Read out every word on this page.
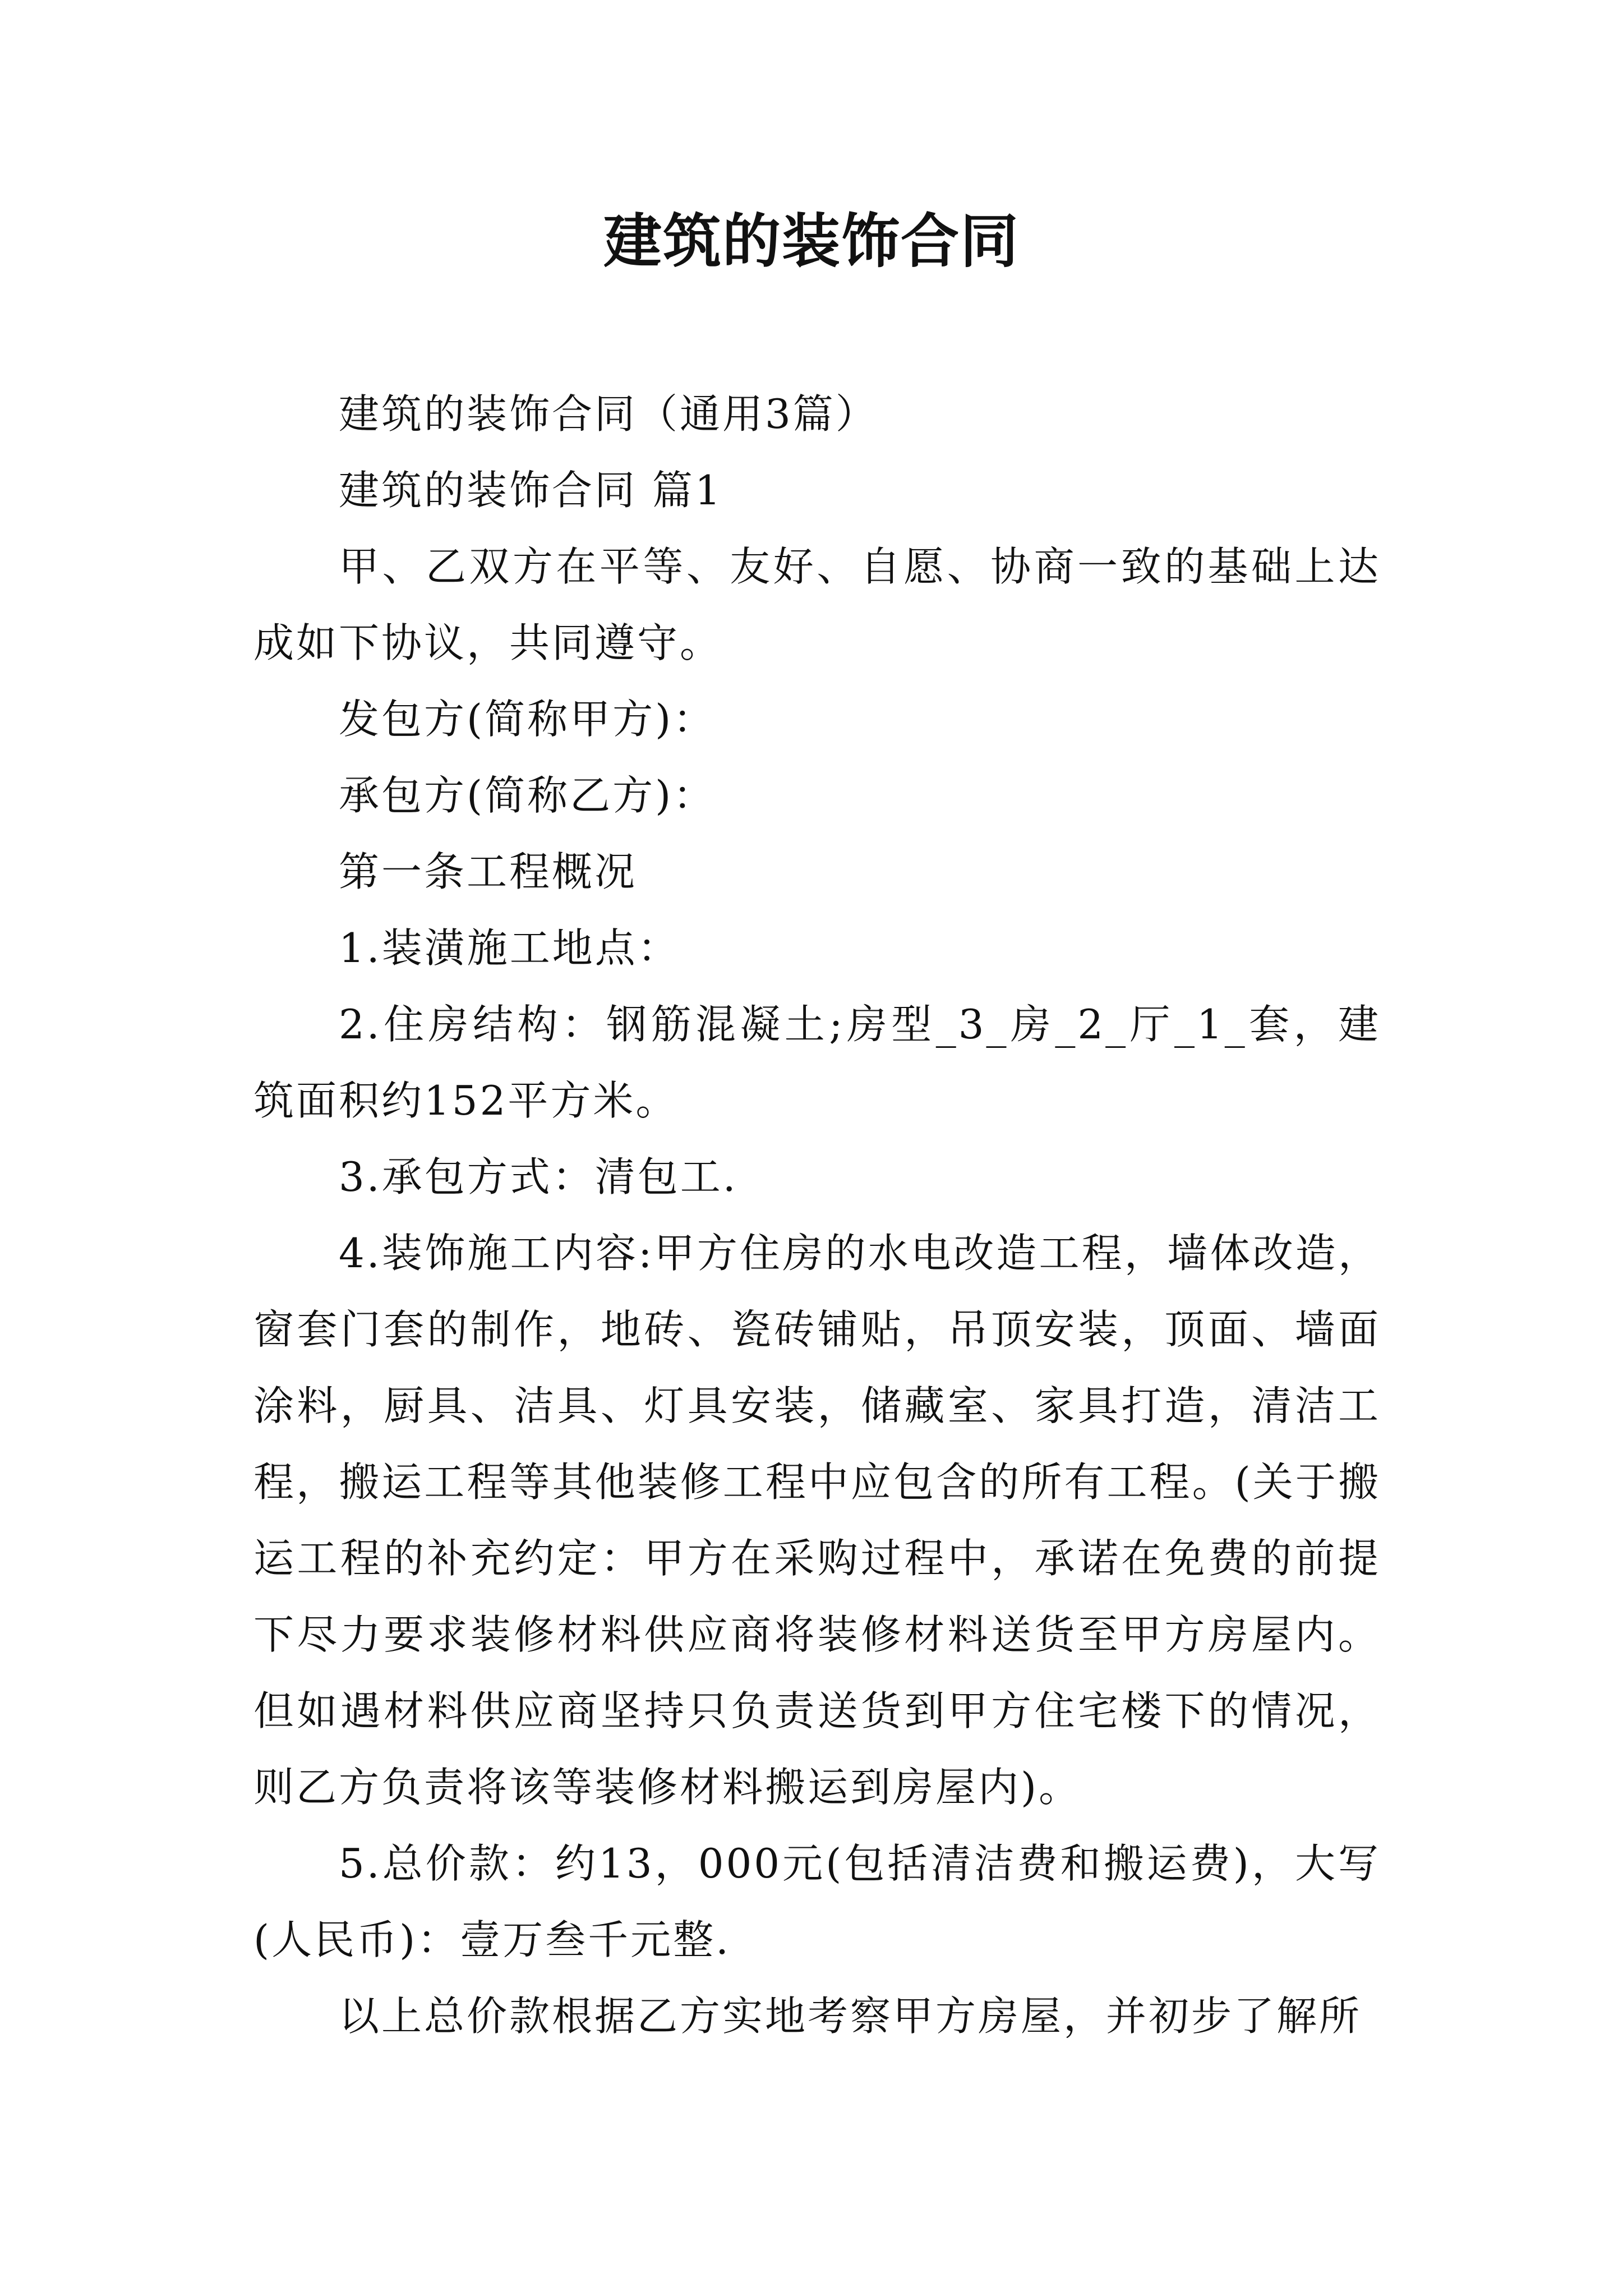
建筑的装饰合同

建筑的装饰合同（通用3篇）

建筑的装饰合同 篇1

甲、乙双方在平等、友好、自愿、协商一致的基础上达成如下协议，共同遵守。

发包方(简称甲方)：

承包方(简称乙方)：

第一条工程概况

1.装潢施工地点：

2.住房结构：钢筋混凝土;房型_3_房_2_厅_1_套，建筑面积约152平方米。

3.承包方式：清包工.

4.装饰施工内容:甲方住房的水电改造工程，墙体改造，窗套门套的制作，地砖、瓷砖铺贴，吊顶安装，顶面、墙面涂料，厨具、洁具、灯具安装，储藏室、家具打造，清洁工程，搬运工程等其他装修工程中应包含的所有工程。(关于搬运工程的补充约定：甲方在采购过程中，承诺在免费的前提下尽力要求装修材料供应商将装修材料送货至甲方房屋内。但如遇材料供应商坚持只负责送货到甲方住宅楼下的情况，则乙方负责将该等装修材料搬运到房屋内)。

5.总价款：约13，000元(包括清洁费和搬运费)，大写(人民币)：壹万叁千元整.

以上总价款根据乙方实地考察甲方房屋，并初步了解所
